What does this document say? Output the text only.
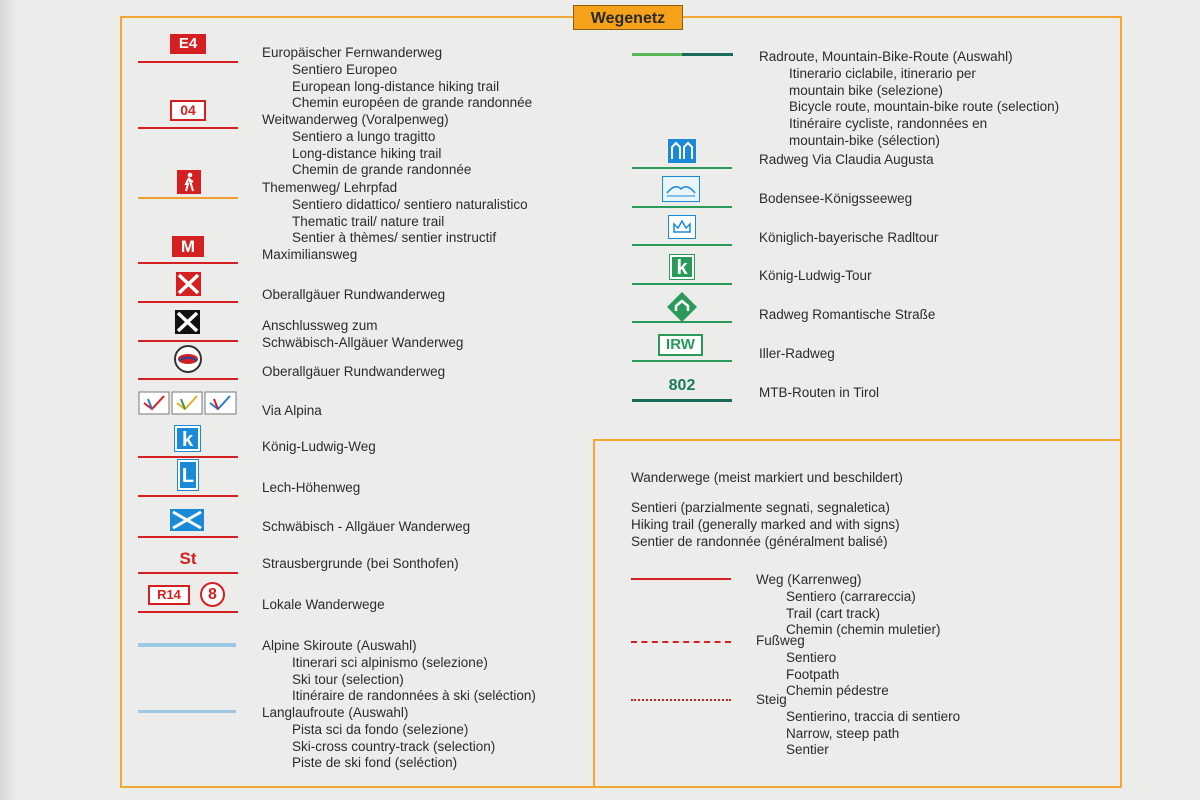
Wegenetz
E4
Europäischer Fernwanderweg
Sentiero Europeo
European long-distance hiking trail
Chemin européen de grande randonnée
04
Weitwanderweg (Voralpenweg)
Sentiero a lungo tragitto
Long-distance hiking trail
Chemin de grande randonnée
Themenweg/ Lehrpfad
Sentiero didattico/ sentiero naturalistico
Thematic trail/ nature trail
Sentier à thèmes/ sentier instructif
M	Maximiliansweg
Oberallgäuer Rundwanderweg
Anschlussweg zum
Schwäbisch-Allgäuer Wanderweg
Oberallgäuer Rundwanderweg
Via Alpina
k	König-Ludwig-Weg
L
Lech-Höhenweg
Schwäbisch - Allgäuer Wanderweg
St	Strausbergrunde (bei Sonthofen)
R14	8
Lokale Wanderwege
Alpine Skiroute (Auswahl)
Itinerari sci alpinismo (selezione)
Ski tour (selection)
Itinéraire de randonnées à ski (seléction)
Langlaufroute (Auswahl)
Pista sci da fondo (selezione)
Ski-cross country-track (selection)
Piste de ski fond (seléction)
Radroute, Mountain-Bike-Route (Auswahl)
Itinerario ciclabile, itinerario per
mountain bike (selezione)
Bicycle route, mountain-bike route (selection)
Itinéraire cycliste, randonnées en
mountain-bike (sélection)
Radweg Via Claudia Augusta
Bodensee-Königsseeweg
Königlich-bayerische Radltour
k	König-Ludwig-Tour
Radweg Romantische Straße
IRW
Iller-Radweg
802	MTB-Routen in Tirol
Wanderwege (meist markiert und beschildert)
Sentieri (parzialmente segnati, segnaletica)
Hiking trail (generally marked and with signs)
Sentier de randonnée (généralment balisé)
Weg (Karrenweg)
Sentiero (carrareccia)
Trail (cart track)
Chemin (chemin muletier)
Fußweg
Sentiero
Footpath
Chemin pédestre
Steig
Sentierino, traccia di sentiero
Narrow, steep path
Sentier
